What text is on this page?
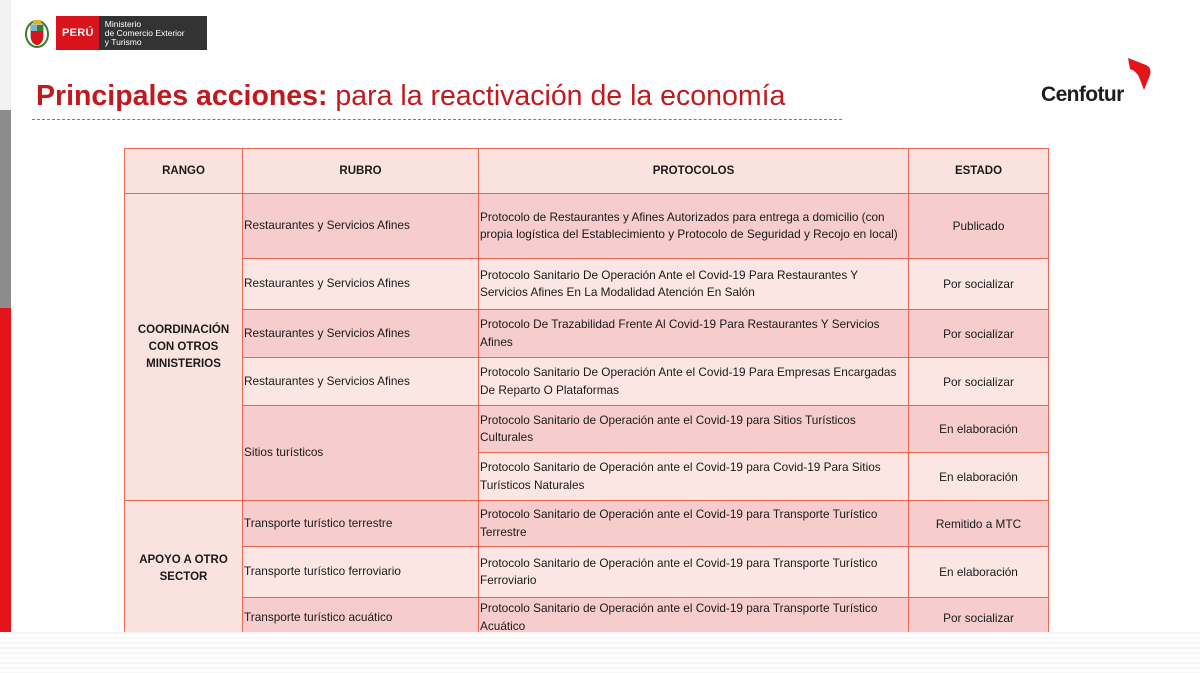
PERÚ
Ministerio
de Comercio Exterior
y Turismo
Principales acciones: para la reactivación de la economía	Cenfotur
RANGO	RUBRO	PROTOCOLOS	ESTADO
COORDINACIÓN CON OTROS MINISTERIOS	Restaurantes y Servicios Afines	Protocolo de Restaurantes y Afines Autorizados para entrega a domicilio (con propia logística del Establecimiento y Protocolo de Seguridad y Recojo en local)	Publicado
	Restaurantes y Servicios Afines	Protocolo Sanitario De Operación Ante el Covid-19 Para Restaurantes Y Servicios Afines En La Modalidad Atención En Salón	Por socializar
	Restaurantes y Servicios Afines	Protocolo De Trazabilidad Frente Al Covid-19 Para Restaurantes Y Servicios Afines	Por socializar
	Restaurantes y Servicios Afines	Protocolo Sanitario De Operación Ante el Covid-19 Para Empresas Encargadas De Reparto O Plataformas	Por socializar
	Sitios turísticos	Protocolo Sanitario de Operación ante el Covid-19 para Sitios Turísticos Culturales	En elaboración
		Protocolo Sanitario de Operación ante el Covid-19 para Covid-19 Para Sitios Turísticos Naturales	En elaboración
APOYO A OTRO SECTOR	Transporte turístico terrestre	Protocolo Sanitario de Operación ante el Covid-19 para Transporte Turístico Terrestre	Remitido a MTC
	Transporte turístico ferroviario	Protocolo Sanitario de Operación ante el Covid-19 para Transporte Turístico Ferroviario	En elaboración
	Transporte turístico acuático	Protocolo Sanitario de Operación ante el Covid-19 para Transporte Turístico Acuático	Por socializar
